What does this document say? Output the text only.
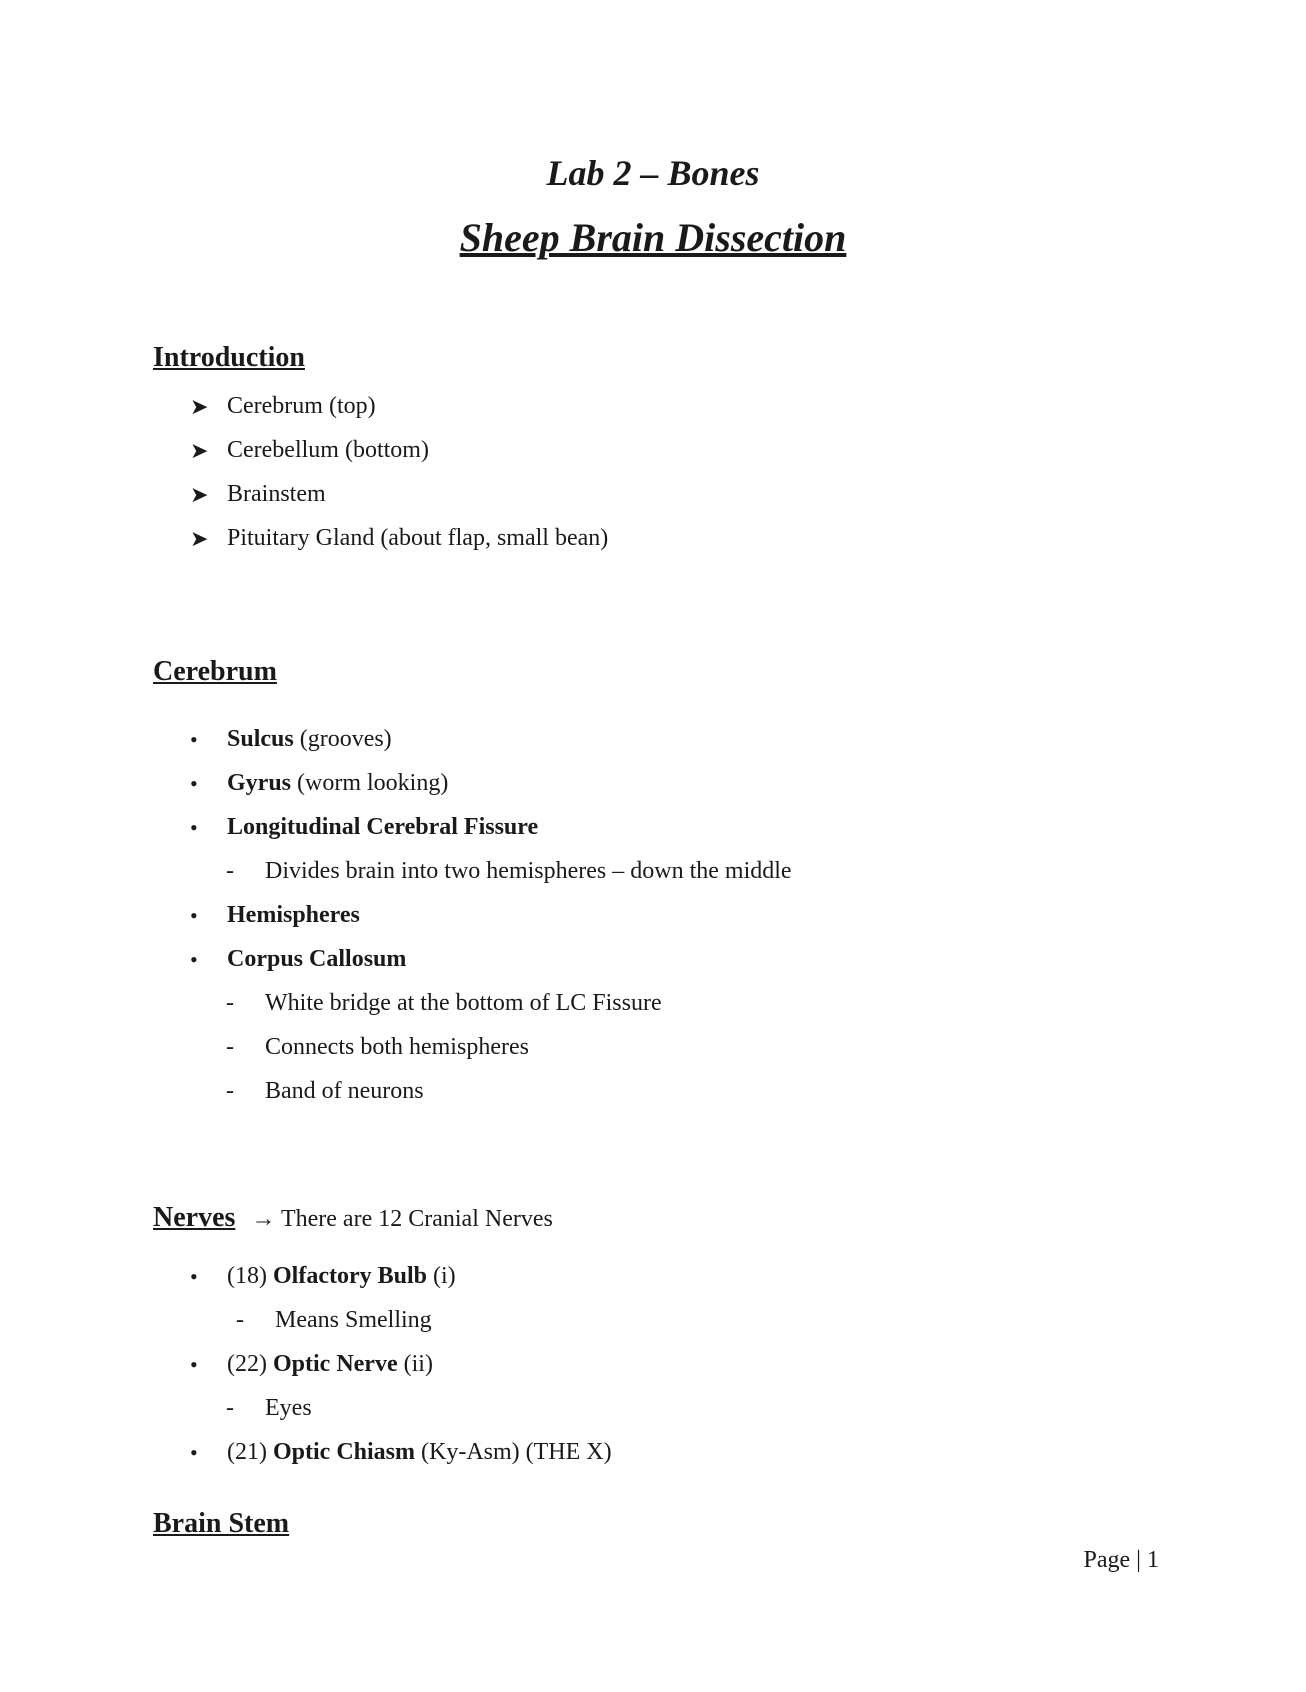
Lab 2 – Bones
Sheep Brain Dissection
Introduction
➤ Cerebrum (top)
➤ Cerebellum (bottom)
➤ Brainstem
➤ Pituitary Gland (about flap, small bean)
Cerebrum
• Sulcus (grooves)
• Gyrus (worm looking)
• Longitudinal Cerebral Fissure
- Divides brain into two hemispheres – down the middle
• Hemispheres
• Corpus Callosum
- White bridge at the bottom of LC Fissure
- Connects both hemispheres
- Band of neurons
Nerves → There are 12 Cranial Nerves
• (18) Olfactory Bulb (i)
- Means Smelling
• (22) Optic Nerve (ii)
- Eyes
• (21) Optic Chiasm (Ky-Asm) (THE X)
Brain Stem
Page | 1
